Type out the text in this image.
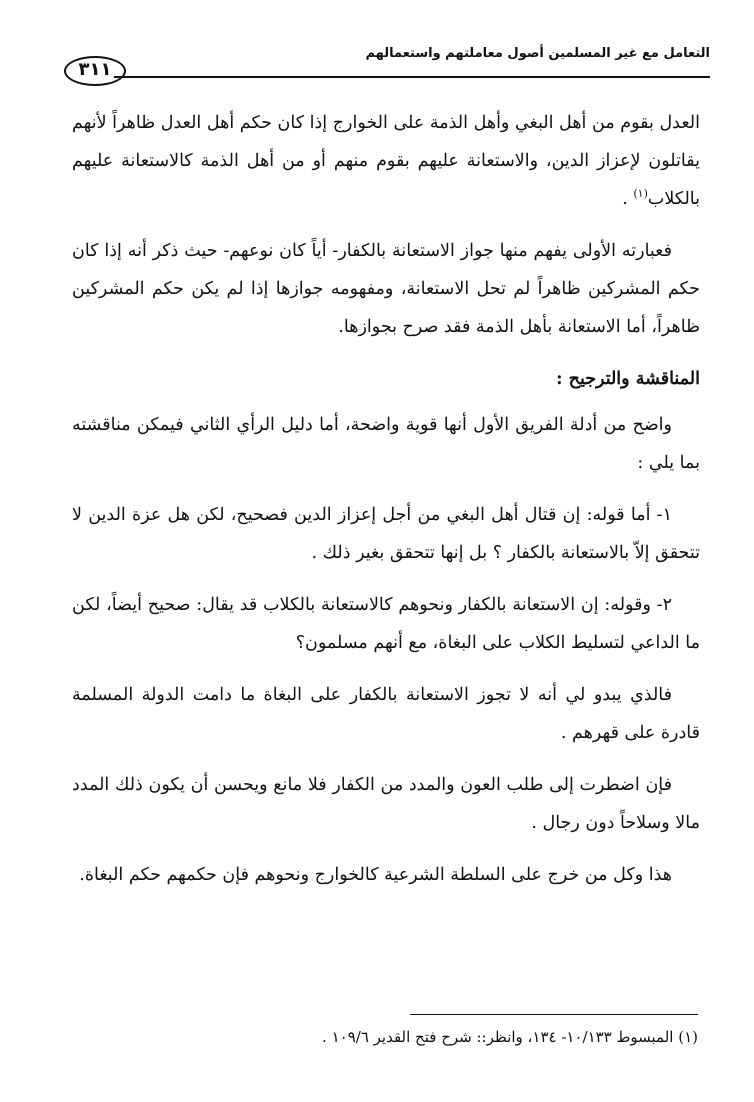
التعامل مع غير المسلمين أصول معاملتهم واستعمالهم
٣١١

العدل بقوم من أهل البغي وأهل الذمة على الخوارج إذا كان حكم أهل العدل ظاهراً لأنهم يقاتلون لإعزاز الدين، والاستعانة عليهم بقوم منهم أو من أهل الذمة كالاستعانة عليهم بالكلاب$^{(١)}$ .

فعبارته الأولى يفهم منها جواز الاستعانة بالكفار- أياً كان نوعهم- حيث ذكر أنه إذا كان حكم المشركين ظاهراً لم تحل الاستعانة، ومفهومه جوازها إذا لم يكن حكم المشركين ظاهراً، أما الاستعانة بأهل الذمة فقد صرح بجوازها.

المناقشة والترجيح :

واضح من أدلة الفريق الأول أنها قوية واضحة، أما دليل الرأي الثاني فيمكن مناقشته بما يلي :

١- أما قوله: إن قتال أهل البغي من أجل إعزاز الدين فصحيح، لكن هل عزة الدين لا تتحقق إلاّ بالاستعانة بالكفار ؟ بل إنها تتحقق بغير ذلك .

٢- وقوله: إن الاستعانة بالكفار ونحوهم كالاستعانة بالكلاب قد يقال: صحيح أيضاً، لكن ما الداعي لتسليط الكلاب على البغاة، مع أنهم مسلمون؟

فالذي يبدو لي أنه لا تجوز الاستعانة بالكفار على البغاة ما دامت الدولة المسلمة قادرة على قهرهم .

فإن اضطرت إلى طلب العون والمدد من الكفار فلا مانع ويحسن أن يكون ذلك المدد مالا وسلاحاً دون رجال .

هذا وكل من خرج على السلطة الشرعية كالخوارج ونحوهم فإن حكمهم حكم البغاة.

(١) المبسوط ١٠/١٣٣- ١٣٤، وانظر:: شرح فتح القدير ١٠٩/٦ .
